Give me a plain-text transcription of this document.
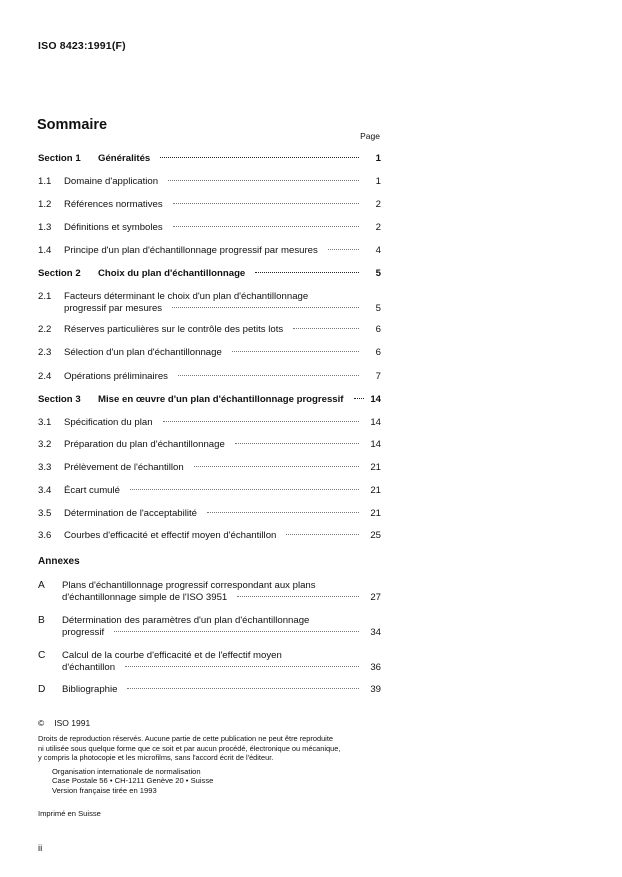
ISO 8423:1991(F)
Sommaire
Page
Section 1	Généralités	1
1.1	Domaine d'application	1
1.2	Références normatives	2
1.3	Définitions et symboles	2
1.4	Principe d'un plan d'échantillonnage progressif par mesures	4
Section 2	Choix du plan d'échantillonnage	5
2.1	Facteurs déterminant le choix d'un plan d'échantillonnage
progressif par mesures	5
2.2	Réserves particulières sur le contrôle des petits lots	6
2.3	Sélection d'un plan d'échantillonnage	6
2.4	Opérations préliminaires	7
Section 3	Mise en œuvre d'un plan d'échantillonnage progressif	14
3.1	Spécification du plan	14
3.2	Préparation du plan d'échantillonnage	14
3.3	Prélèvement de l'échantillon	21
3.4	Écart cumulé	21
3.5	Détermination de l'acceptabilité	21
3.6	Courbes d'efficacité et effectif moyen d'échantillon	25
Annexes
A	Plans d'échantillonnage progressif correspondant aux plans
d'échantillonnage simple de l'ISO 3951	27
B	Détermination des paramètres d'un plan d'échantillonnage
progressif	34
C	Calcul de la courbe d'efficacité et de l'effectif moyen
d'échantillon	36
D	Bibliographie	39
© ISO 1991
Droits de reproduction réservés. Aucune partie de cette publication ne peut être reproduite
ni utilisée sous quelque forme que ce soit et par aucun procédé, électronique ou mécanique,
y compris la photocopie et les microfilms, sans l'accord écrit de l'éditeur.
Organisation internationale de normalisation
Case Postale 56 • CH-1211 Genève 20 • Suisse
Version française tirée en 1993
Imprimé en Suisse
ii
